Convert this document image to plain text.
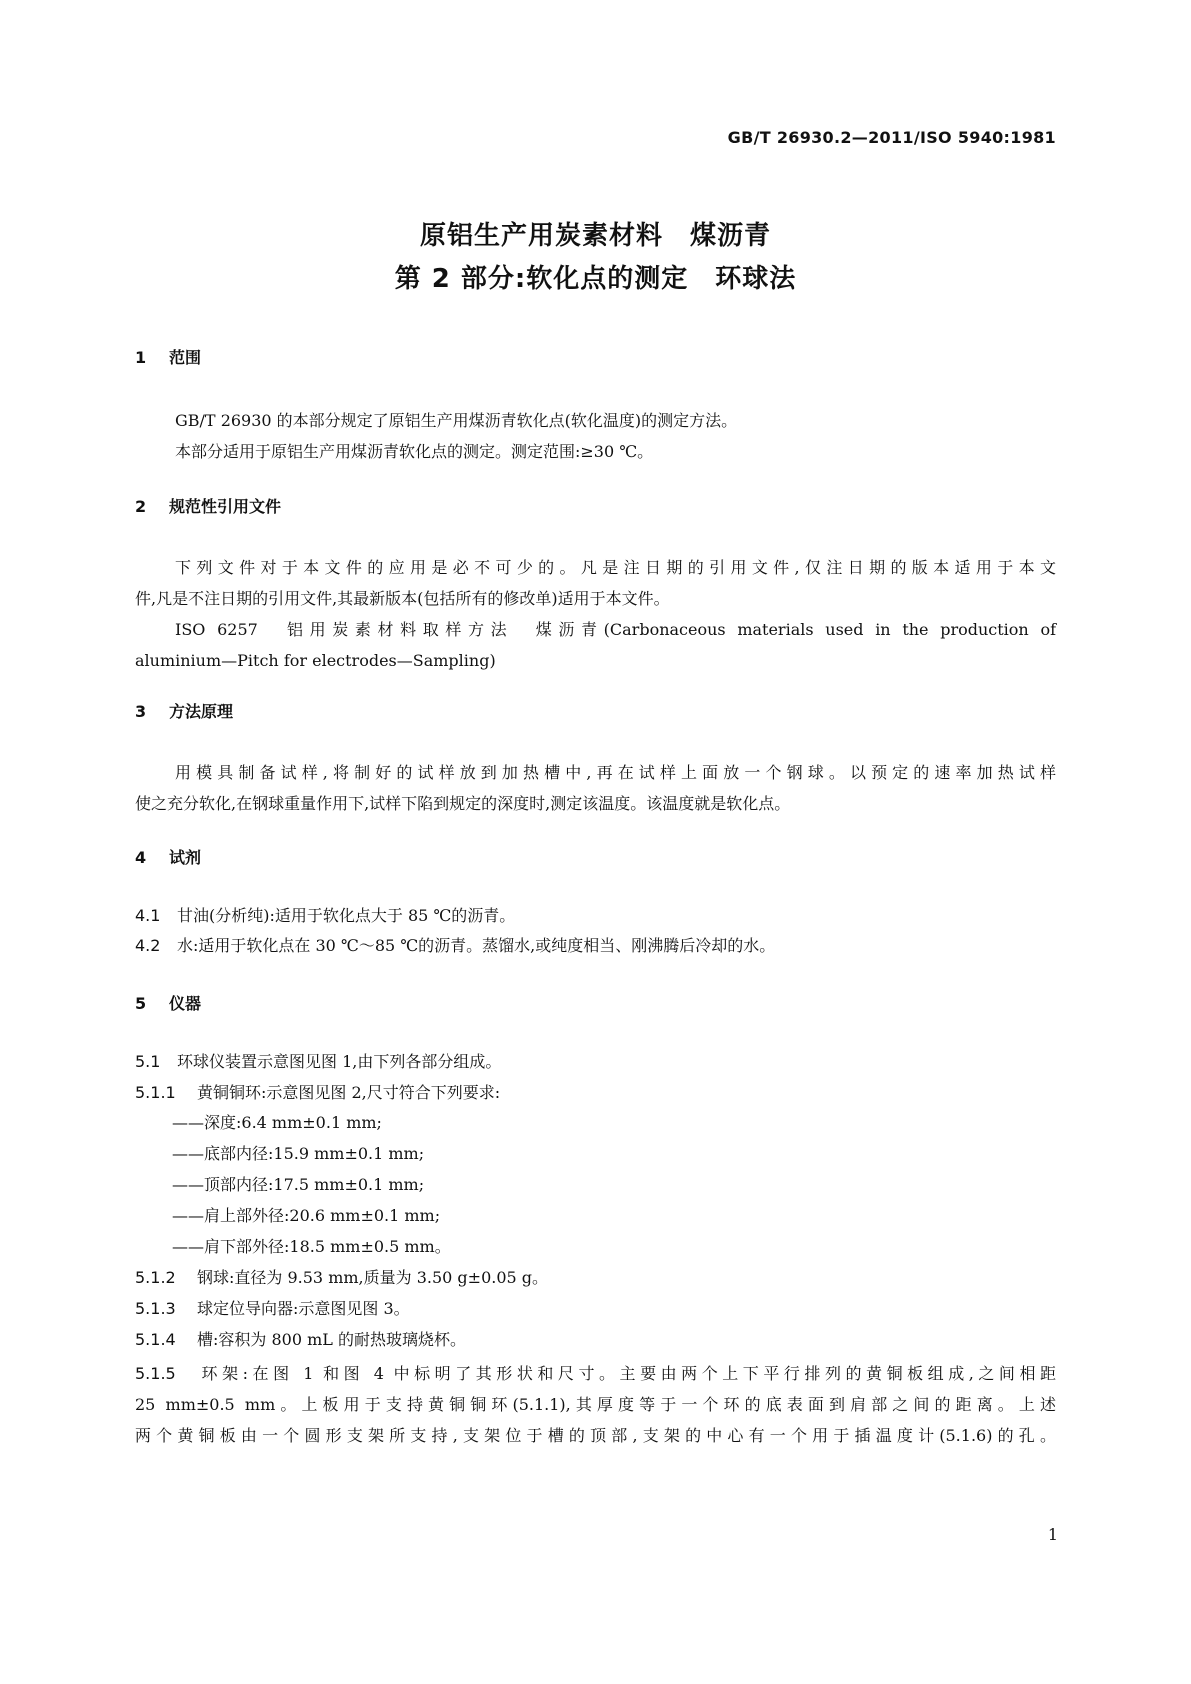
GB/T 26930.2—2011/ISO 5940:1981
原铝生产用炭素材料　煤沥青
第 2 部分:软化点的测定　环球法
1 范围
GB/T 26930 的本部分规定了原铝生产用煤沥青软化点(软化温度)的测定方法。
本部分适用于原铝生产用煤沥青软化点的测定。测定范围:≥30 ℃。
2 规范性引用文件
下列文件对于本文件的应用是必不可少的。凡是注日期的引用文件,仅注日期的版本适用于本文
件,凡是不注日期的引用文件,其最新版本(包括所有的修改单)适用于本文件。
ISO 6257　铝用炭素材料取样方法　煤沥青(Carbonaceous materials used in the production of
aluminium—Pitch for electrodes—Sampling)
3 方法原理
用模具制备试样,将制好的试样放到加热槽中,再在试样上面放一个钢球。以预定的速率加热试样
使之充分软化,在钢球重量作用下,试样下陷到规定的深度时,测定该温度。该温度就是软化点。
4 试剂
4.1 甘油(分析纯):适用于软化点大于 85 ℃的沥青。
4.2 水:适用于软化点在 30 ℃～85 ℃的沥青。蒸馏水,或纯度相当、刚沸腾后冷却的水。
5 仪器
5.1 环球仪装置示意图见图 1,由下列各部分组成。
5.1.1 黄铜铜环:示意图见图 2,尺寸符合下列要求:
——深度:6.4 mm±0.1 mm;
——底部内径:15.9 mm±0.1 mm;
——顶部内径:17.5 mm±0.1 mm;
——肩上部外径:20.6 mm±0.1 mm;
——肩下部外径:18.5 mm±0.5 mm。
5.1.2 钢球:直径为 9.53 mm,质量为 3.50 g±0.05 g。
5.1.3 球定位导向器:示意图见图 3。
5.1.4 槽:容积为 800 mL 的耐热玻璃烧杯。
5.1.5 环架:在图 1 和图 4 中标明了其形状和尺寸。主要由两个上下平行排列的黄铜板组成,之间相距
25 mm±0.5 mm。上板用于支持黄铜铜环(5.1.1),其厚度等于一个环的底表面到肩部之间的距离。上述
两个黄铜板由一个圆形支架所支持,支架位于槽的顶部,支架的中心有一个用于插温度计(5.1.6)的孔。
1
